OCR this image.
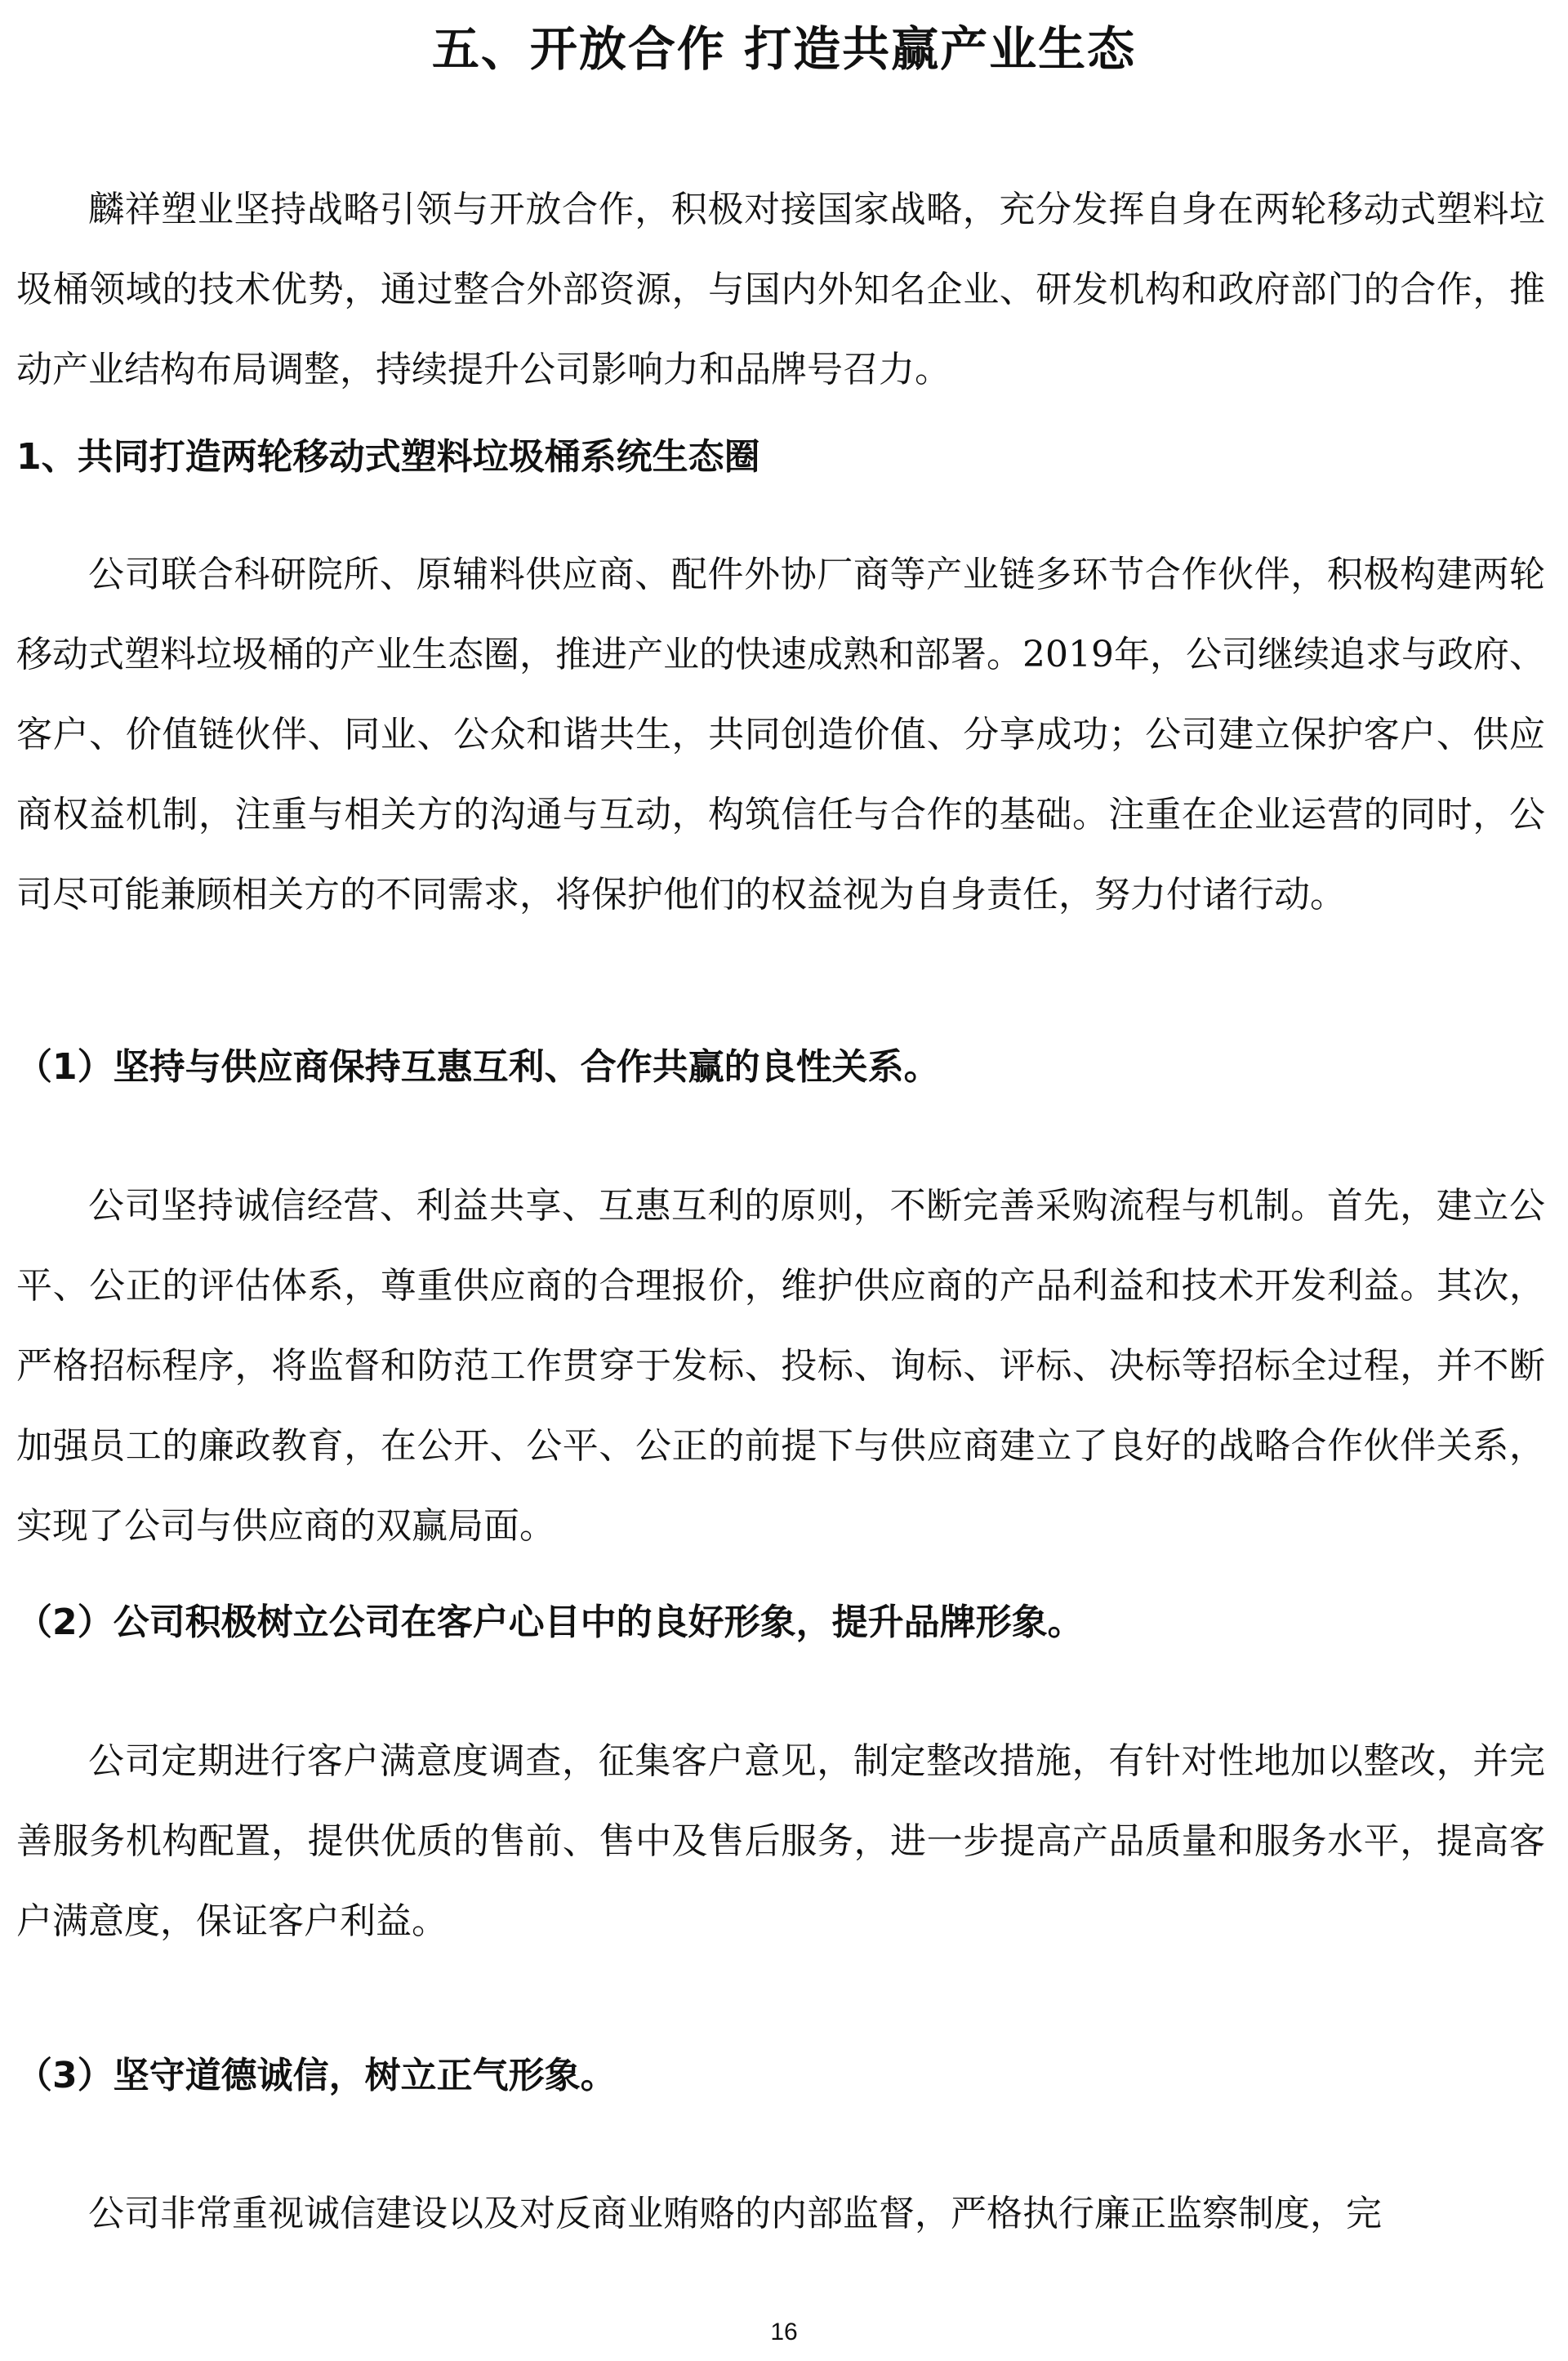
五、开放合作 打造共赢产业生态

麟祥塑业坚持战略引领与开放合作，积极对接国家战略，充分发挥自身在两轮移动式塑料垃圾桶领域的技术优势，通过整合外部资源，与国内外知名企业、研发机构和政府部门的合作，推动产业结构布局调整，持续提升公司影响力和品牌号召力。

1、共同打造两轮移动式塑料垃圾桶系统生态圈

公司联合科研院所、原辅料供应商、配件外协厂商等产业链多环节合作伙伴，积极构建两轮移动式塑料垃圾桶的产业生态圈，推进产业的快速成熟和部署。2019年，公司继续追求与政府、客户、价值链伙伴、同业、公众和谐共生，共同创造价值、分享成功；公司建立保护客户、供应商权益机制，注重与相关方的沟通与互动，构筑信任与合作的基础。注重在企业运营的同时，公司尽可能兼顾相关方的不同需求，将保护他们的权益视为自身责任，努力付诸行动。

（1）坚持与供应商保持互惠互利、合作共赢的良性关系。

公司坚持诚信经营、利益共享、互惠互利的原则，不断完善采购流程与机制。首先，建立公平、公正的评估体系，尊重供应商的合理报价，维护供应商的产品利益和技术开发利益。其次，严格招标程序，将监督和防范工作贯穿于发标、投标、询标、评标、决标等招标全过程，并不断加强员工的廉政教育，在公开、公平、公正的前提下与供应商建立了良好的战略合作伙伴关系，实现了公司与供应商的双赢局面。

（2）公司积极树立公司在客户心目中的良好形象，提升品牌形象。

公司定期进行客户满意度调查，征集客户意见，制定整改措施，有针对性地加以整改，并完善服务机构配置，提供优质的售前、售中及售后服务，进一步提高产品质量和服务水平，提高客户满意度，保证客户利益。

（3）坚守道德诚信，树立正气形象。

公司非常重视诚信建设以及对反商业贿赂的内部监督，严格执行廉正监察制度，完

16
